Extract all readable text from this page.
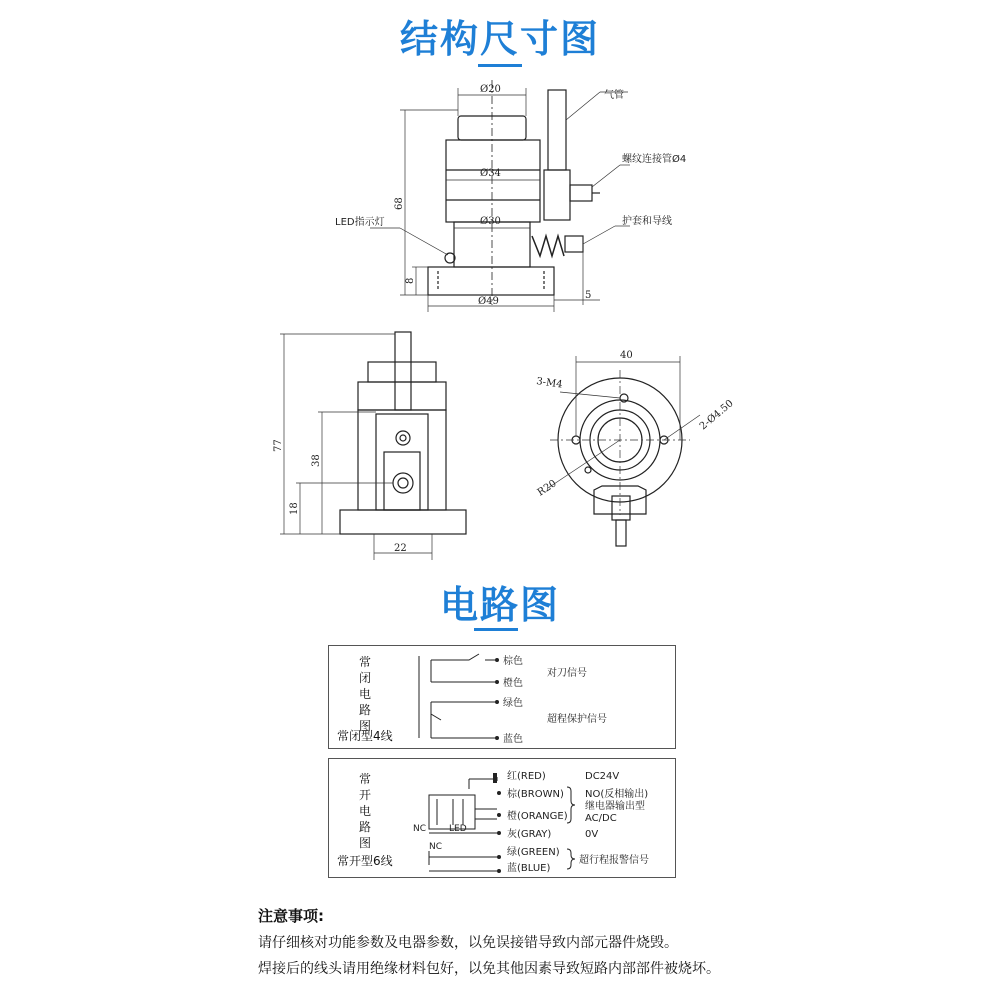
结构尺寸图
Ø20
Ø34
Ø30
Ø49
68
8
5
气管
螺纹连接管Ø4
护套和导线
LED指示灯
77
38
18
22
40
3-M4
2-Ø4.50
R20
电路图
常
闭
电
路
图
常闭型4线
棕色
橙色
绿色
蓝色
对刀信号
超程保护信号
常
开
电
路
图
常开型6线
NC	LED
NC
红(RED)
棕(BROWN)
橙(ORANGE)
灰(GRAY)
绿(GREEN)
蓝(BLUE)
DC24V
NO(反相输出)
继电器输出型
AC/DC
0V
超行程报警信号
注意事项:
请仔细核对功能参数及电器参数，以免误接错导致内部元器件烧毁。
焊接后的线头请用绝缘材料包好，以免其他因素导致短路内部部件被烧坏。
